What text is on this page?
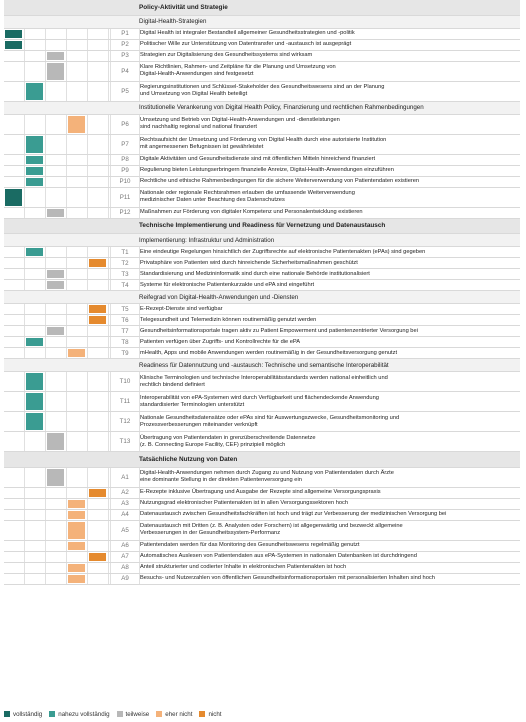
Policy-Aktivität und Strategie
Digital-Health-Strategien
P1	Digital Health ist integraler Bestandteil allgemeiner Gesundheitsstrategien und -politik
P2	Politischer Wille zur Unterstützung von Datentransfer und -austausch ist ausgeprägt
P3	Strategien zur Digitalisierung des Gesundheitssystems sind wirksam
P4
Klare Richtlinien, Rahmen- und Zeitpläne für die Planung und Umsetzung von
Digital-Health-Anwendungen sind festgesetzt
P5
Regierungsinstitutionen und Schlüssel-Stakeholder des Gesundheitswesens sind an der Planung
und Umsetzung von Digital Health beteiligt
Institutionelle Verankerung von Digital Health Policy, Finanzierung und rechtlichen Rahmenbedingungen
P6
Umsetzung und Betrieb von Digital-Health-Anwendungen und -dienstleistungen
sind nachhaltig regional und national finanziert
P7
Rechtsaufsicht der Umsetzung und Förderung von Digital Health durch eine autorisierte Institution
mit angemessenen Befugnissen ist gewährleistet
P8	Digitale Aktivitäten und Gesundheitsdienste sind mit öffentlichen Mitteln hinreichend finanziert
P9	Regulierung bieten Leistungserbringern finanzielle Anreize, Digital-Health-Anwendungen einzuführen
P10	Rechtliche und ethische Rahmenbedingungen für die sichere Weiterverwendung von Patientendaten existieren
P11
Nationale oder regionale Rechtsrahmen erlauben die umfassende Weiterverwendung
medizinischer Daten unter Beachtung des Datenschutzes
P12	Maßnahmen zur Förderung von digitaler Kompetenz und Personalentwicklung existieren
Technische Implementierung und Readiness für Vernetzung und Datenaustausch
Implementierung: Infrastruktur und Administration
T1	Eine eindeutige Regelungen hinsichtlich der Zugriffsrechte auf elektronische Patientenakten (ePAs) sind gegeben
T2	Privatsphäre von Patienten wird durch hinreichende Sicherheitsmaßnahmen geschützt
T3	Standardisierung und Medizininformatik sind durch eine nationale Behörde institutionalisiert
T4	Systeme für elektronische Patientenkurzakte und ePA sind eingeführt
Reifegrad von Digital-Health-Anwendungen und -Diensten
T5	E-Rezept-Dienste sind verfügbar
T6	Telegesundheit und Telemedizin können routinemäßig genutzt werden
T7	Gesundheitsinformationsportale tragen aktiv zu Patient Empowerment und patientenzentrierter Versorgung bei
T8	Patienten verfügen über Zugriffs- und Kontrollrechte für die ePA
T9	mHealth, Apps und mobile Anwendungen werden routinemäßig in der Gesundheitsversorgung genutzt
Readiness für Datennutzung und -austausch: Technische und semantische Interoperabilität
T10
Klinische Terminologien und technische Interoperabilitätsstandards werden national einheitlich und
rechtlich bindend definiert
T11
Interoperabilität von ePA-Systemen wird durch Verfügbarkeit und flächendeckende Anwendung
standardisierter Terminologien unterstützt
T12
Nationale Gesundheitsdatensätze oder ePAs sind für Auswertungszwecke, Gesundheitsmonitoring und
Prozessverbesserungen miteinander verknüpft
T13
Übertragung von Patientendaten in grenzüberschreitende Datennetze
(z. B. Connecting Europe Facility, CEF) prinzipiell möglich
Tatsächliche Nutzung von Daten
A1
Digital-Health-Anwendungen nehmen durch Zugang zu und Nutzung von Patientendaten durch Ärzte
eine dominante Stellung in der direkten Patientenversorgung ein
A2	E-Rezepte inklusive Übertragung und Ausgabe der Rezepte sind allgemeine Versorgungspraxis
A3	Nutzungsgrad elektronischer Patientenakten ist in allen Versorgungssektoren hoch
A4	Datenaustausch zwischen Gesundheitsfachkräften ist hoch und trägt zur Verbesserung der medizinischen Versorgung bei
A5
Datenaustausch mit Dritten (z. B. Analysten oder Forschern) ist allgegenwärtig und bezweckt allgemeine
Verbesserungen in der Gesundheitssystem-Performanz
A6	Patientendaten werden für das Monitoring des Gesundheitswesens regelmäßig genutzt
A7	Automatisches Auslesen von Patientendaten aus ePA-Systemen in nationalen Datenbanken ist durchdringend
A8	Anteil strukturierter und codierter Inhalte in elektronischen Patientenakten ist hoch
A9	Besuchs- und Nutzerzahlen von öffentlichen Gesundheitsinformationsportalen mit personalisierten Inhalten sind hoch
vollständig	nahezu vollständig	teilweise	eher nicht	nicht
